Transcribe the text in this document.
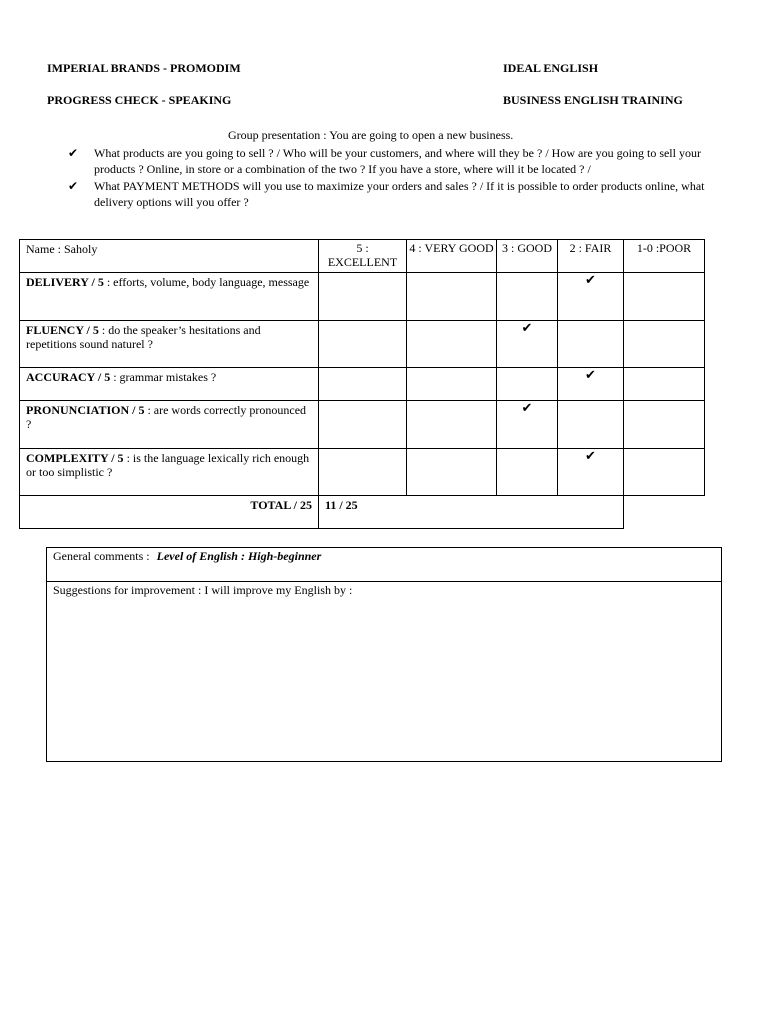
IMPERIAL BRANDS - PROMODIM
PROGRESS CHECK - SPEAKING
IDEAL ENGLISH
BUSINESS ENGLISH TRAINING
Group presentation : You are going to open a new business.
✔	What products are you going to sell ? / Who will be your customers, and where will they be ? / How are you going to sell your products ? Online, in store or a combination of the two ? If you have a store, where will it be located ? /
✔	What PAYMENT METHODS will you use to maximize your orders and sales ? / If it is possible to order products online, what delivery options will you offer ?
Name : Saholy	5 : EXCELLENT	4 : VERY GOOD	3 : GOOD	2 : FAIR	1-0 :POOR
DELIVERY / 5 : efforts, volume, body language, message				✔	
FLUENCY / 5 : do the speaker’s hesitations and repetitions sound naturel ?			✔		
ACCURACY / 5 : grammar mistakes ?				✔	
PRONUNCIATION / 5 : are words correctly pronounced ?			✔		
COMPLEXITY / 5 : is the language lexically rich enough or too simplistic ?				✔	
TOTAL / 25	11 / 25				
General comments : Level of English : High-beginner
Suggestions for improvement : I will improve my English by :
